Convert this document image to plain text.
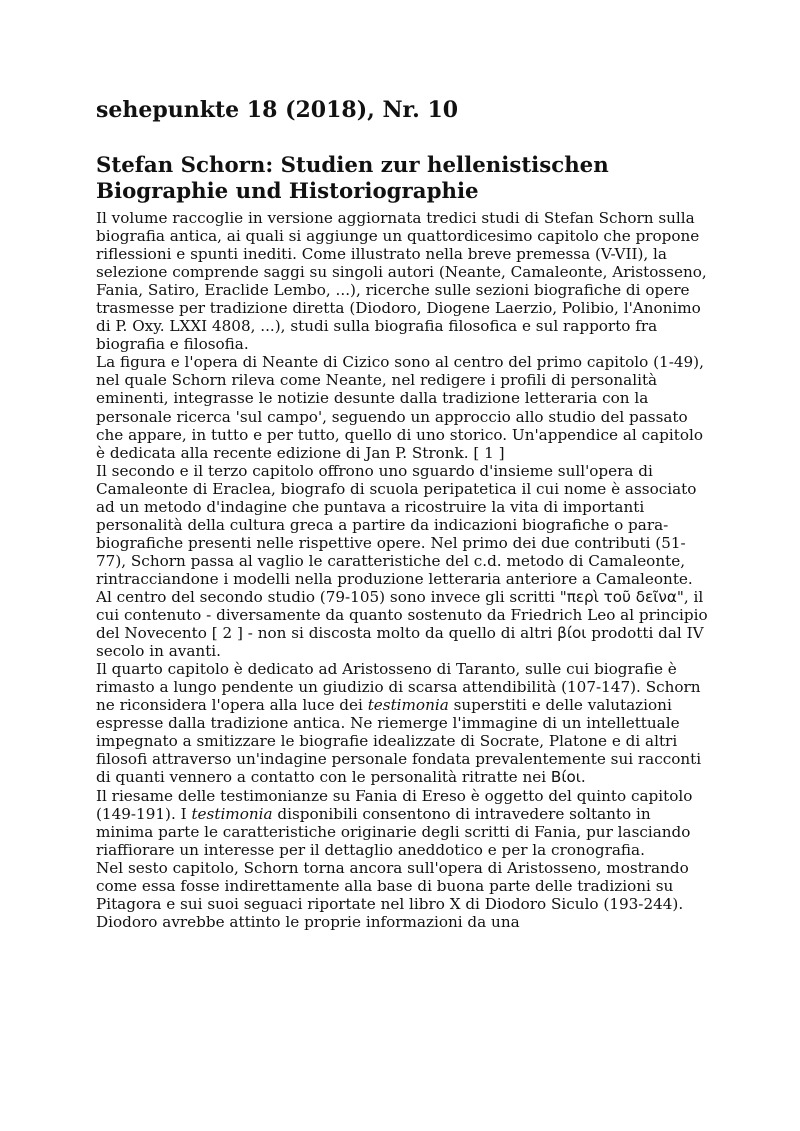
sehepunkte 18 (2018), Nr. 10
Stefan Schorn: Studien zur hellenistischen Biographie und Historiographie

Il volume raccoglie in versione aggiornata tredici studi di Stefan Schorn sulla biografia antica, ai quali si aggiunge un quattordicesimo capitolo che propone riflessioni e spunti inediti. Come illustrato nella breve premessa (V-VII), la selezione comprende saggi su singoli autori (Neante, Camaleonte, Aristosseno, Fania, Satiro, Eraclide Lembo, ...), ricerche sulle sezioni biografiche di opere trasmesse per tradizione diretta (Diodoro, Diogene Laerzio, Polibio, l'Anonimo di P. Oxy. LXXI 4808, ...), studi sulla biografia filosofica e sul rapporto fra biografia e filosofia.

La figura e l'opera di Neante di Cizico sono al centro del primo capitolo (1-49), nel quale Schorn rileva come Neante, nel redigere i profili di personalità eminenti, integrasse le notizie desunte dalla tradizione letteraria con la personale ricerca 'sul campo', seguendo un approccio allo studio del passato che appare, in tutto e per tutto, quello di uno storico. Un'appendice al capitolo è dedicata alla recente edizione di Jan P. Stronk. [ 1 ]

Il secondo e il terzo capitolo offrono uno sguardo d'insieme sull'opera di Camaleonte di Eraclea, biografo di scuola peripatetica il cui nome è associato ad un metodo d'indagine che puntava a ricostruire la vita di importanti personalità della cultura greca a partire da indicazioni biografiche o para-biografiche presenti nelle rispettive opere. Nel primo dei due contributi (51-77), Schorn passa al vaglio le caratteristiche del c.d. metodo di Camaleonte, rintracciandone i modelli nella produzione letteraria anteriore a Camaleonte. Al centro del secondo studio (79-105) sono invece gli scritti "περὶ τοῦ δεῖνα", il cui contenuto - diversamente da quanto sostenuto da Friedrich Leo al principio del Novecento [ 2 ] - non si discosta molto da quello di altri βίοι prodotti dal IV secolo in avanti.

Il quarto capitolo è dedicato ad Aristosseno di Taranto, sulle cui biografie è rimasto a lungo pendente un giudizio di scarsa attendibilità (107-147). Schorn ne riconsidera l'opera alla luce dei testimonia superstiti e delle valutazioni espresse dalla tradizione antica. Ne riemerge l'immagine di un intellettuale impegnato a smitizzare le biografie idealizzate di Socrate, Platone e di altri filosofi attraverso un'indagine personale fondata prevalentemente sui racconti di quanti vennero a contatto con le personalità ritratte nei Bίοι.

Il riesame delle testimonianze su Fania di Ereso è oggetto del quinto capitolo (149-191). I testimonia disponibili consentono di intravedere soltanto in minima parte le caratteristiche originarie degli scritti di Fania, pur lasciando riaffiorare un interesse per il dettaglio aneddotico e per la cronografia.

Nel sesto capitolo, Schorn torna ancora sull'opera di Aristosseno, mostrando come essa fosse indirettamente alla base di buona parte delle tradizioni su Pitagora e sui suoi seguaci riportate nel libro X di Diodoro Siculo (193-244). Diodoro avrebbe attinto le proprie informazioni da una
